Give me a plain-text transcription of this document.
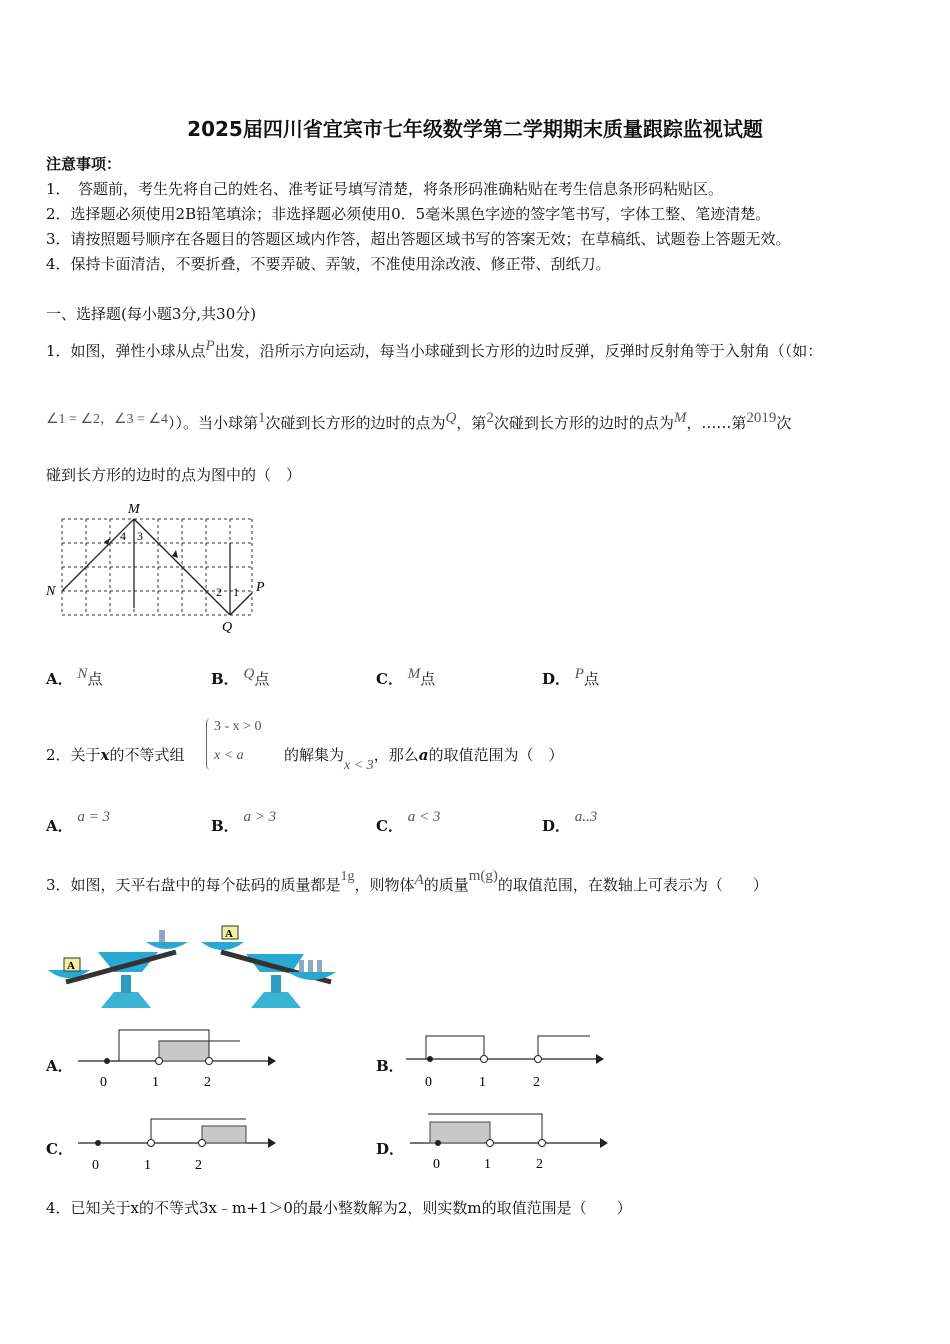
2025届四川省宜宾市七年级数学第二学期期末质量跟踪监视试题
注意事项：
1．　答题前，考生先将自己的姓名、准考证号填写清楚，将条形码准确粘贴在考生信息条形码粘贴区。
2．选择题必须使用2B铅笔填涂；非选择题必须使用0．5毫米黑色字迹的签字笔书写，字体工整、笔迹清楚。
3．请按照题号顺序在各题目的答题区域内作答，超出答题区域书写的答案无效；在草稿纸、试题卷上答题无效。
4．保持卡面清洁，不要折叠，不要弄破、弄皱，不准使用涂改液、修正带、刮纸刀。
一、选择题(每小题3分,共30分)
1．如图，弹性小球从点P出发，沿所示方向运动，每当小球碰到长方形的边时反弹，反弹时反射角等于入射角（（如：
∠1 = ∠2，∠3 = ∠4））。当小球第1次碰到长方形的边时的点为Q，第2次碰到长方形的边时的点为M，……第2019次
碰到长方形的边时的点为图中的（　）
M
N	P
Q
4 3
2 1
A． N点	B． Q点	C． M点	D． P点
2．关于x的不等式组
3 - x > 0
x < a	的解集为x < 3，那么a的取值范围为（　）
A． a = 3	B． a > 3	C． a < 3	D． a..3
3．如图，天平右盘中的每个砝码的质量都是1g，则物体A的质量m(g)的取值范围，在数轴上可表示为（　　）
A
A
A．
0	1	2
B．
0	1	2
C．
0	1	2
D．
0	1	2
4．已知关于x的不等式3x﹣m+1＞0的最小整数解为2，则实数m的取值范围是（　　）
